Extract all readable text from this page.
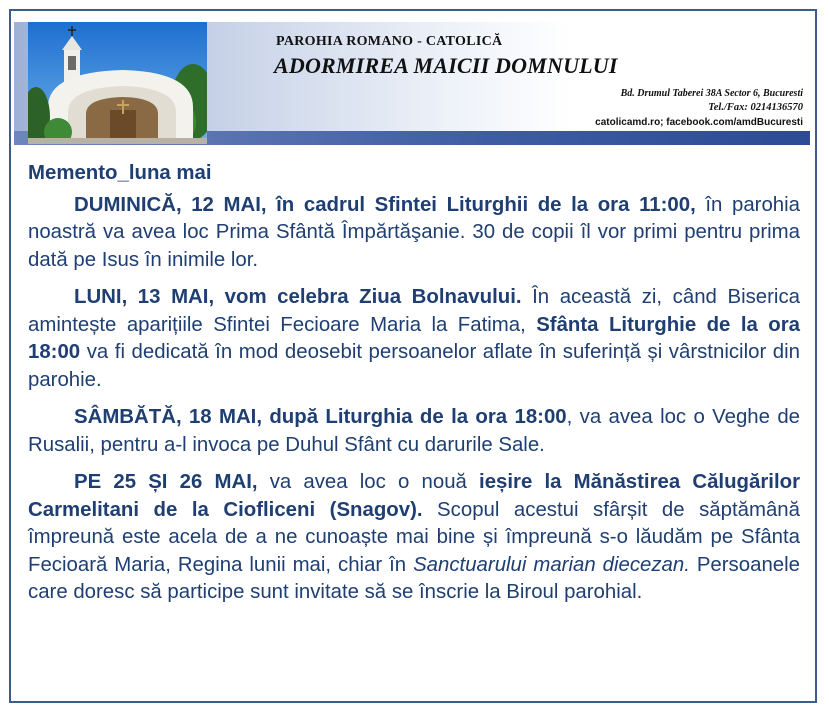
PAROHIA ROMANO - CATOLICĂ
ADORMIREA MAICII DOMNULUI
Bd. Drumul Taberei 38A Sector 6, Bucuresti
Tel./Fax: 0214136570
catolicamd.ro; facebook.com/amdBucuresti

Memento_luna mai

DUMINICĂ, 12 MAI, în cadrul Sfintei Liturghii de la ora 11:00, în parohia noastră va avea loc Prima Sfântă Împărtăşanie. 30 de copii îl vor primi pentru prima dată pe Isus în inimile lor.

LUNI, 13 MAI, vom celebra Ziua Bolnavului. În această zi, când Biserica amintește aparițiile Sfintei Fecioare Maria la Fatima, Sfânta Liturghie de la ora 18:00 va fi dedicată în mod deosebit persoanelor aflate în suferință și vârstnicilor din parohie.

SÂMBĂTĂ, 18 MAI, după Liturghia de la ora 18:00, va avea loc o Veghe de Rusalii, pentru a-l invoca pe Duhul Sfânt cu darurile Sale.

PE 25 ȘI 26 MAI, va avea loc o nouă ieșire la Mănăstirea Călugărilor Carmelitani de la Ciofliceni (Snagov). Scopul acestui sfârșit de săptămână împreună este acela de a ne cunoaște mai bine și împreună s-o lăudăm pe Sfânta Fecioară Maria, Regina lunii mai, chiar în Sanctuarului marian diecezan. Persoanele care doresc să participe sunt invitate să se înscrie la Biroul parohial.
